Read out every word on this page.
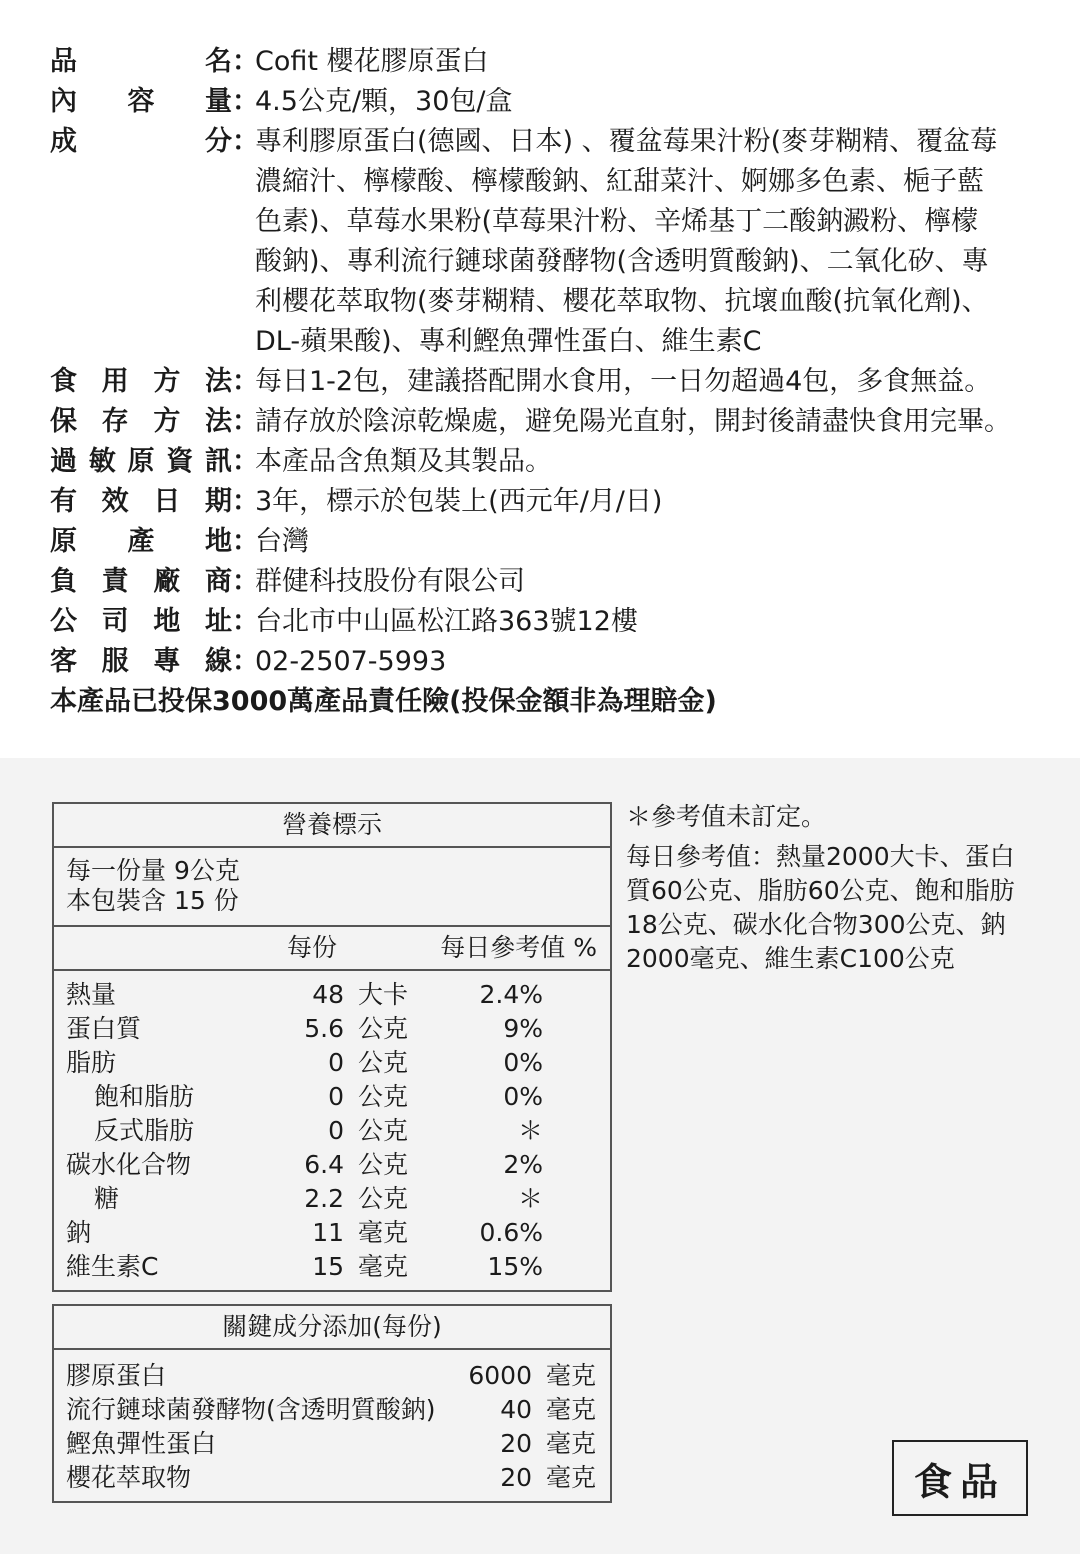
品	名 ：
Cofit 櫻花膠原蛋白
內 容 量 ：
4.5公克/顆，30包/盒
成	分 ：
專利膠原蛋白(德國、日本) 、覆盆莓果汁粉(麥芽糊精、覆盆莓
濃縮汁、檸檬酸、檸檬酸鈉、紅甜菜汁、婀娜多色素、梔子藍
色素)、草莓水果粉(草莓果汁粉、辛烯基丁二酸鈉澱粉、檸檬
酸鈉)、專利流行鏈球菌發酵物(含透明質酸鈉)、二氧化矽、專
利櫻花萃取物(麥芽糊精、櫻花萃取物、抗壞血酸(抗氧化劑)、
DL-蘋果酸)、專利鰹魚彈性蛋白、維生素C
食 用 方 法 ：
每日1-2包，建議搭配開水食用，一日勿超過4包，多食無益。
保 存 方 法 ：
請存放於陰涼乾燥處，避免陽光直射，開封後請盡快食用完畢。
過 敏 原 資 訊 ：
本產品含魚類及其製品。
有 效 日 期 ：
3年，標示於包裝上(西元年/月/日)
原 產 地 ：
台灣
負 責 廠 商 ：
群健科技股份有限公司
公 司 地 址 ：
台北市中山區松江路363號12樓
客 服 專 線 ：
02-2507-5993
本產品已投保3000萬產品責任險(投保金額非為理賠金)
營養標示
每一份量 9公克
本包裝含 15 份
每份	每日參考值 %
熱量	48 大卡	2.4%
蛋白質	5.6 公克	9%
脂肪	0 公克	0%
飽和脂肪	0 公克	0%
反式脂肪	0 公克	＊
碳水化合物	6.4 公克	2%
糖	2.2 公克	＊
鈉	11 毫克	0.6%
維生素C	15 毫克	15%
關鍵成分添加(每份)
膠原蛋白	6000 毫克
流行鏈球菌發酵物(含透明質酸鈉)	40 毫克
鰹魚彈性蛋白	20 毫克
櫻花萃取物	20 毫克
＊參考值未訂定。
每日參考值：熱量2000大卡、蛋白
質60公克、脂肪60公克、飽和脂肪
18公克、碳水化合物300公克、鈉
2000毫克、維生素C100公克
食品
